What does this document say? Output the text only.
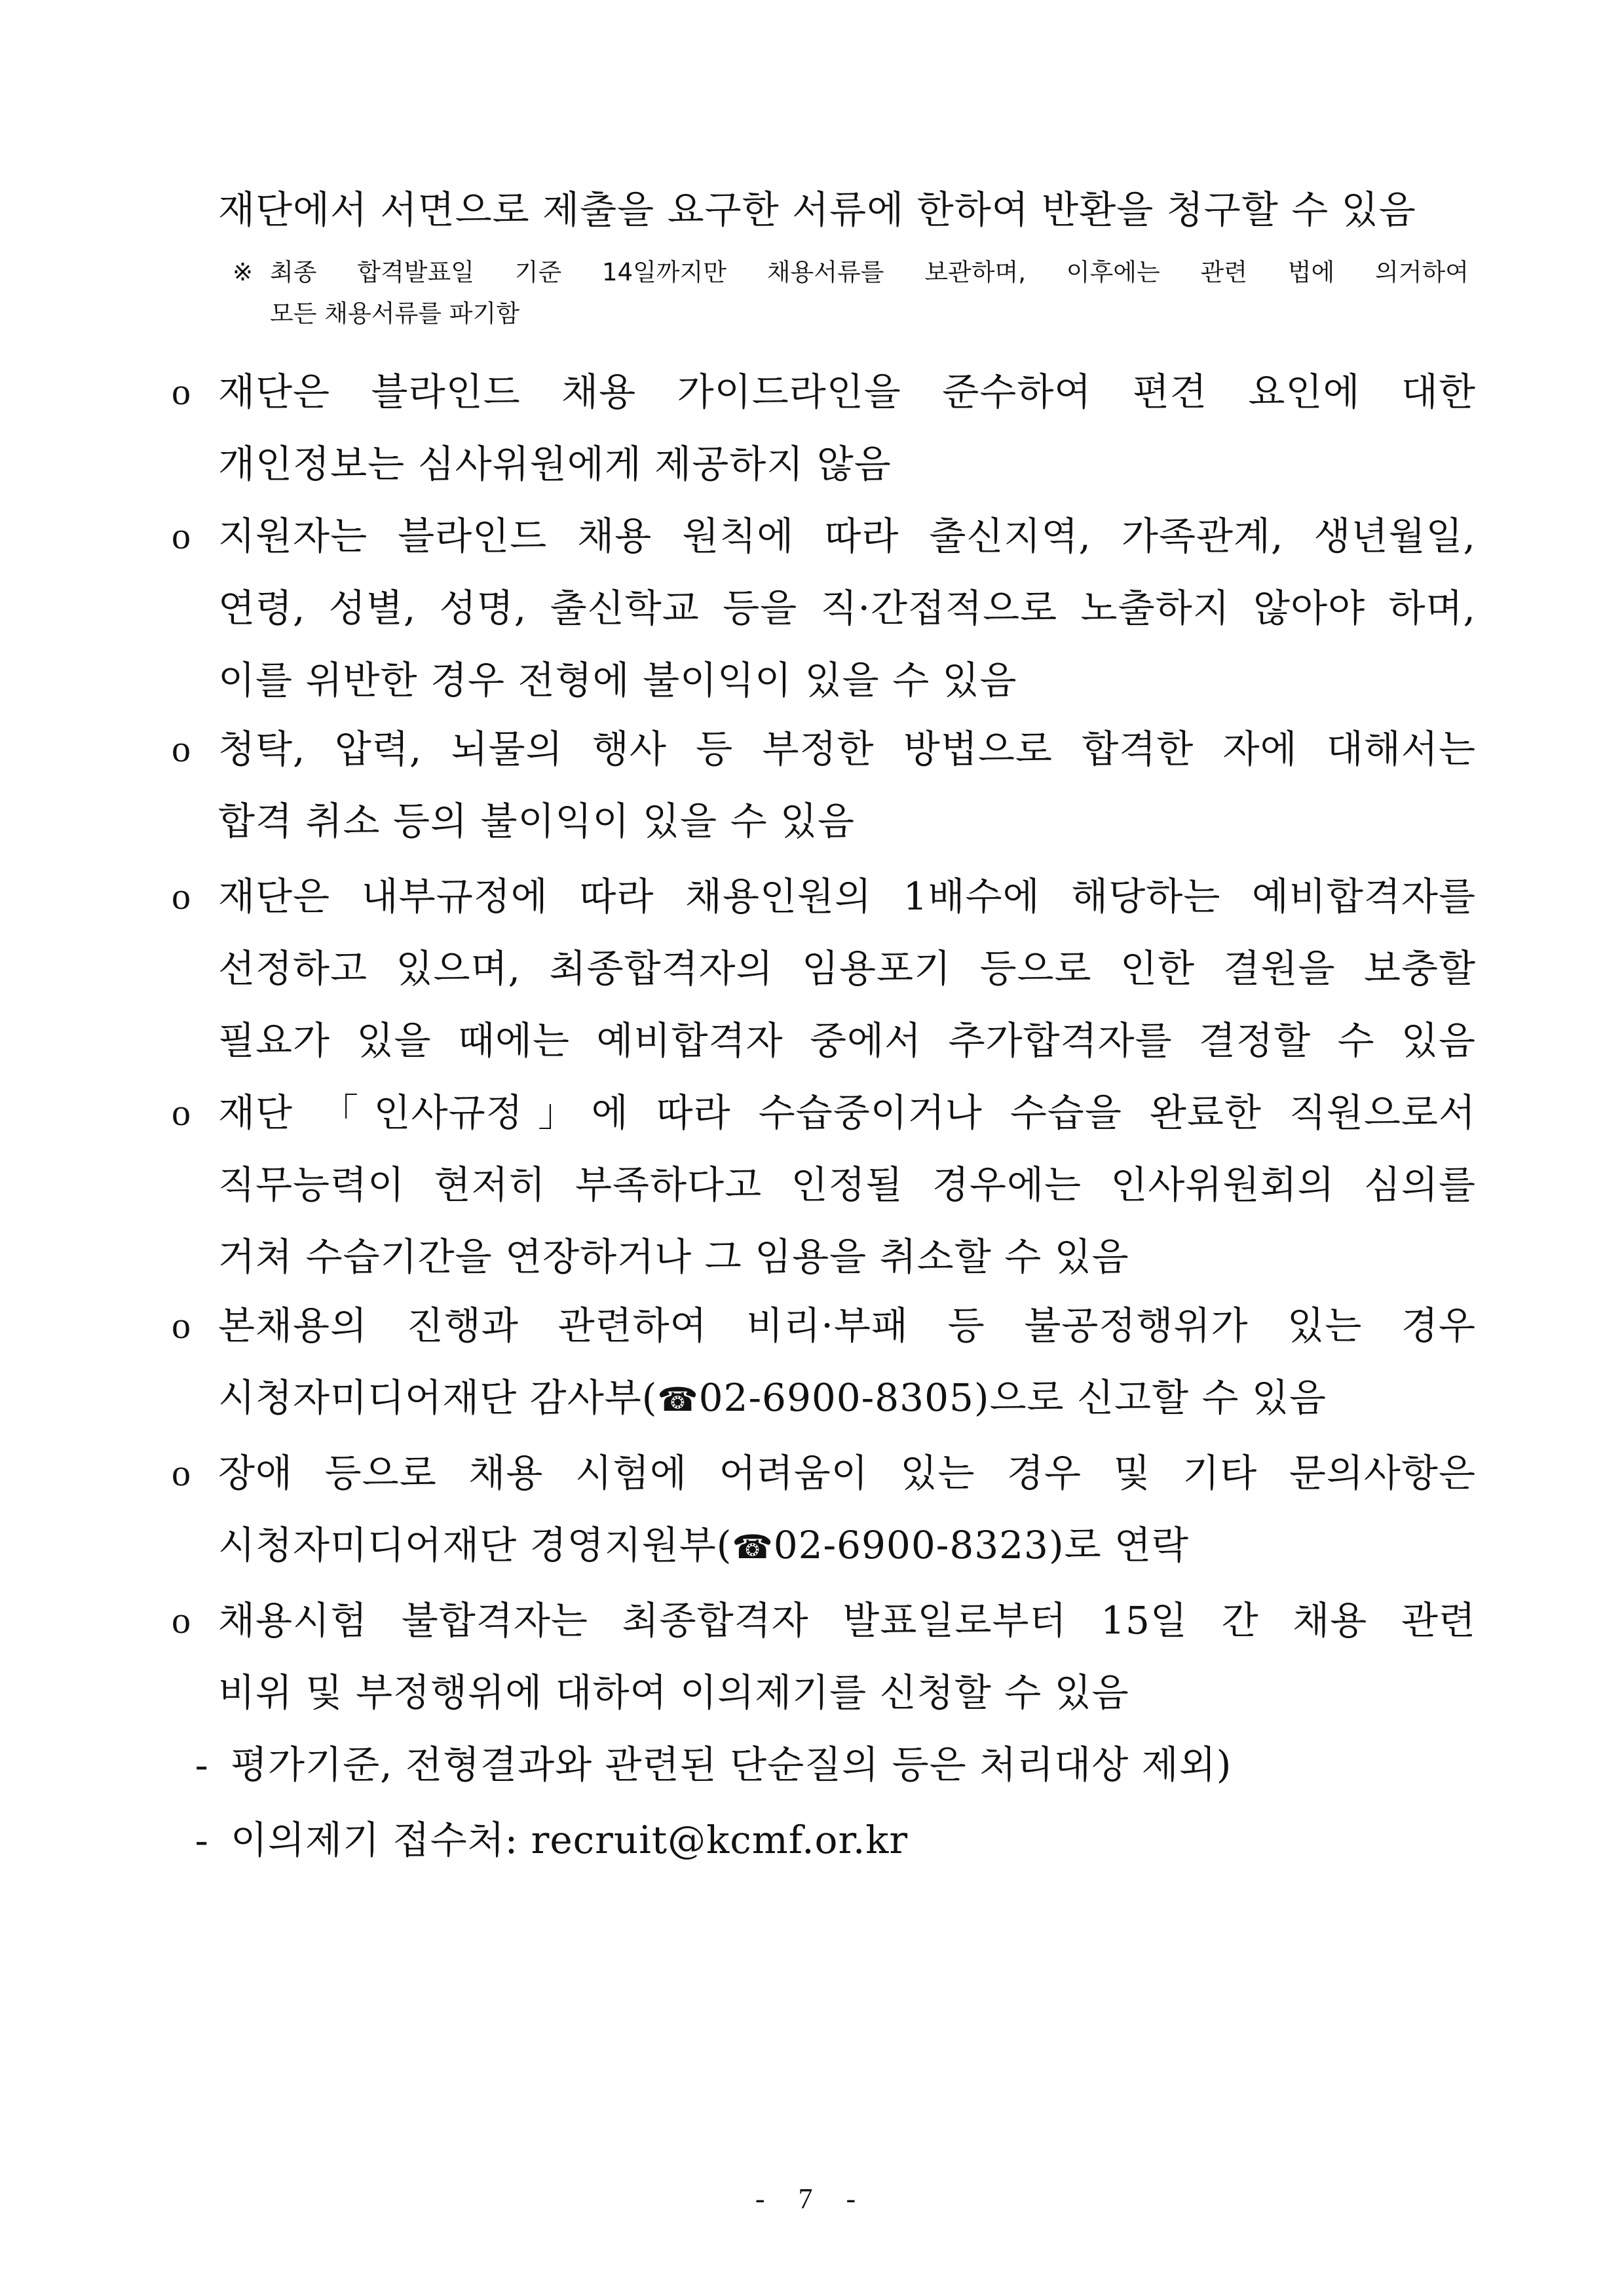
재단에서 서면으로 제출을 요구한 서류에 한하여 반환을 청구할 수 있음
※ 최종 합격발표일 기준 14일까지만 채용서류를 보관하며, 이후에는 관련 법에 의거하여
모든 채용서류를 파기함
o 재단은 블라인드 채용 가이드라인을 준수하여 편견 요인에 대한
개인정보는 심사위원에게 제공하지 않음
o 지원자는 블라인드 채용 원칙에 따라 출신지역, 가족관계, 생년월일,
연령, 성별, 성명, 출신학교 등을 직·간접적으로 노출하지 않아야 하며,
이를 위반한 경우 전형에 불이익이 있을 수 있음
o 청탁, 압력, 뇌물의 행사 등 부정한 방법으로 합격한 자에 대해서는
합격 취소 등의 불이익이 있을 수 있음
o 재단은 내부규정에 따라 채용인원의 1배수에 해당하는 예비합격자를
선정하고 있으며, 최종합격자의 임용포기 등으로 인한 결원을 보충할
필요가 있을 때에는 예비합격자 중에서 추가합격자를 결정할 수 있음
o 재단 「인사규정」에 따라 수습중이거나 수습을 완료한 직원으로서
직무능력이 현저히 부족하다고 인정될 경우에는 인사위원회의 심의를
거쳐 수습기간을 연장하거나 그 임용을 취소할 수 있음
o 본채용의 진행과 관련하여 비리·부패 등 불공정행위가 있는 경우
시청자미디어재단 감사부(☎02-6900-8305)으로 신고할 수 있음
o 장애 등으로 채용 시험에 어려움이 있는 경우 및 기타 문의사항은
시청자미디어재단 경영지원부(☎02-6900-8323)로 연락
o 채용시험 불합격자는 최종합격자 발표일로부터 15일 간 채용 관련
비위 및 부정행위에 대하여 이의제기를 신청할 수 있음
- 평가기준, 전형결과와 관련된 단순질의 등은 처리대상 제외)
- 이의제기 접수처: recruit@kcmf.or.kr
- 7 -
